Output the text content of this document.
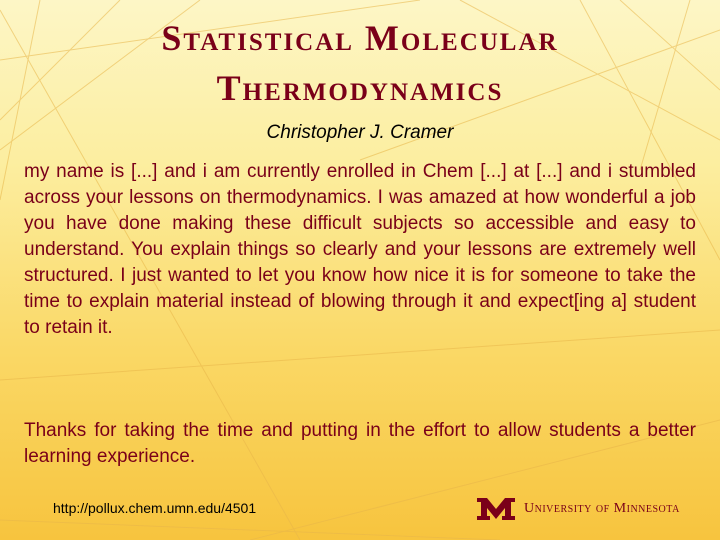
Statistical Molecular
Thermodynamics
Christopher J. Cramer

my name is [...] and i am currently enrolled in Chem [...] at [...] and i stumbled across your lessons on thermodynamics. I was amazed at how wonderful a job you have done making these difficult subjects so accessible and easy to understand. You explain things so clearly and your lessons are extremely well structured. I just wanted to let you know how nice it is for someone to take the time to explain material instead of blowing through it and expect[ing a] student to retain it.

Thanks for taking the time and putting in the effort to allow students a better learning experience.

http://pollux.chem.umn.edu/4501	University of Minnesota
